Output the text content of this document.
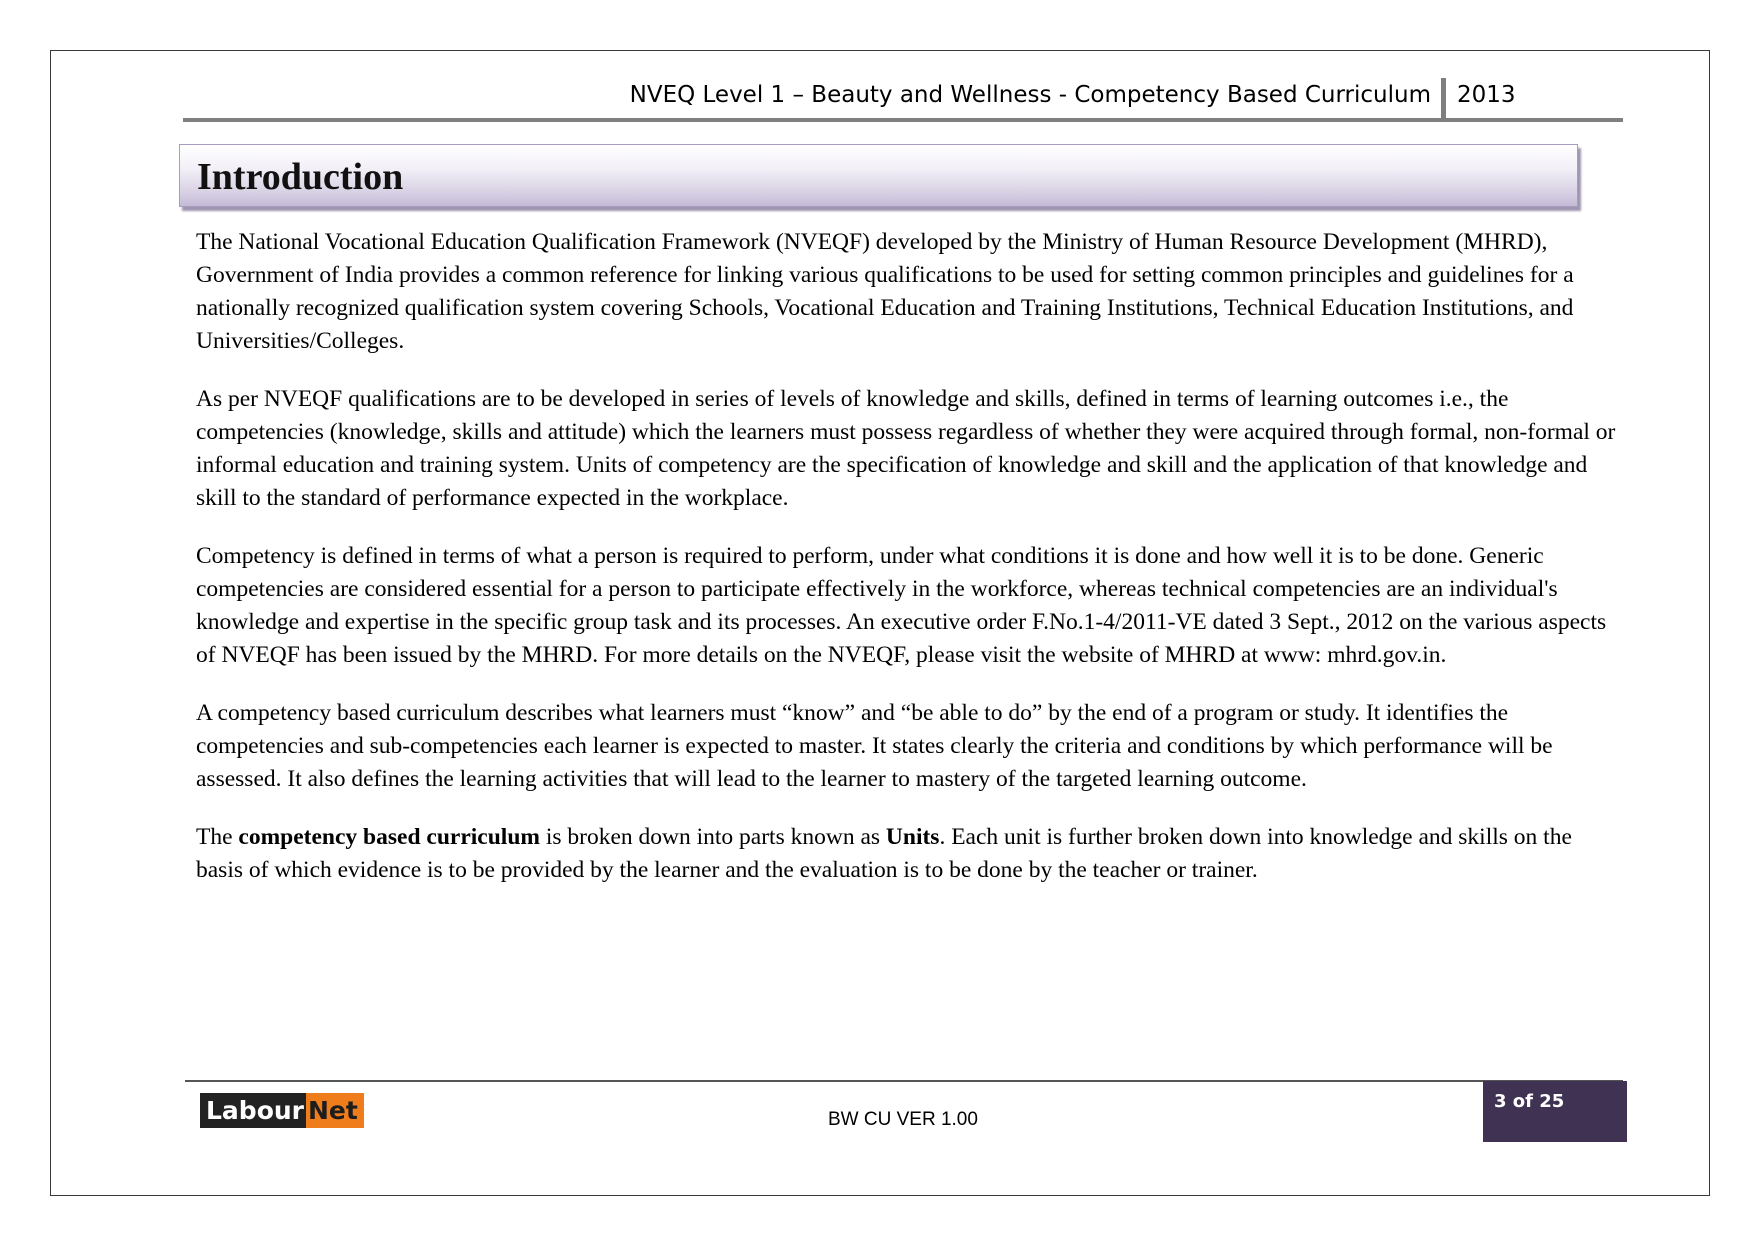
NVEQ Level 1 – Beauty and Wellness - Competency Based Curriculum 2013
Introduction

The National Vocational Education Qualification Framework (NVEQF) developed by the Ministry of Human Resource Development (MHRD), Government of India provides a common reference for linking various qualifications to be used for setting common principles and guidelines for a nationally recognized qualification system covering Schools, Vocational Education and Training Institutions, Technical Education Institutions, and Universities/Colleges.

As per NVEQF qualifications are to be developed in series of levels of knowledge and skills, defined in terms of learning outcomes i.e., the competencies (knowledge, skills and attitude) which the learners must possess regardless of whether they were acquired through formal, non-formal or informal education and training system. Units of competency are the specification of knowledge and skill and the application of that knowledge and skill to the standard of performance expected in the workplace.

Competency is defined in terms of what a person is required to perform, under what conditions it is done and how well it is to be done. Generic competencies are considered essential for a person to participate effectively in the workforce, whereas technical competencies are an individual's knowledge and expertise in the specific group task and its processes. An executive order F.No.1-4/2011-VE dated 3 Sept., 2012 on the various aspects of NVEQF has been issued by the MHRD. For more details on the NVEQF, please visit the website of MHRD at www: mhrd.gov.in.

A competency based curriculum describes what learners must “know” and “be able to do” by the end of a program or study. It identifies the competencies and sub-competencies each learner is expected to master. It states clearly the criteria and conditions by which performance will be assessed. It also defines the learning activities that will lead to the learner to mastery of the targeted learning outcome.

The competency based curriculum is broken down into parts known as Units. Each unit is further broken down into knowledge and skills on the basis of which evidence is to be provided by the learner and the evaluation is to be done by the teacher or trainer.

Labour Net	BW CU VER 1.00
3 of 25
